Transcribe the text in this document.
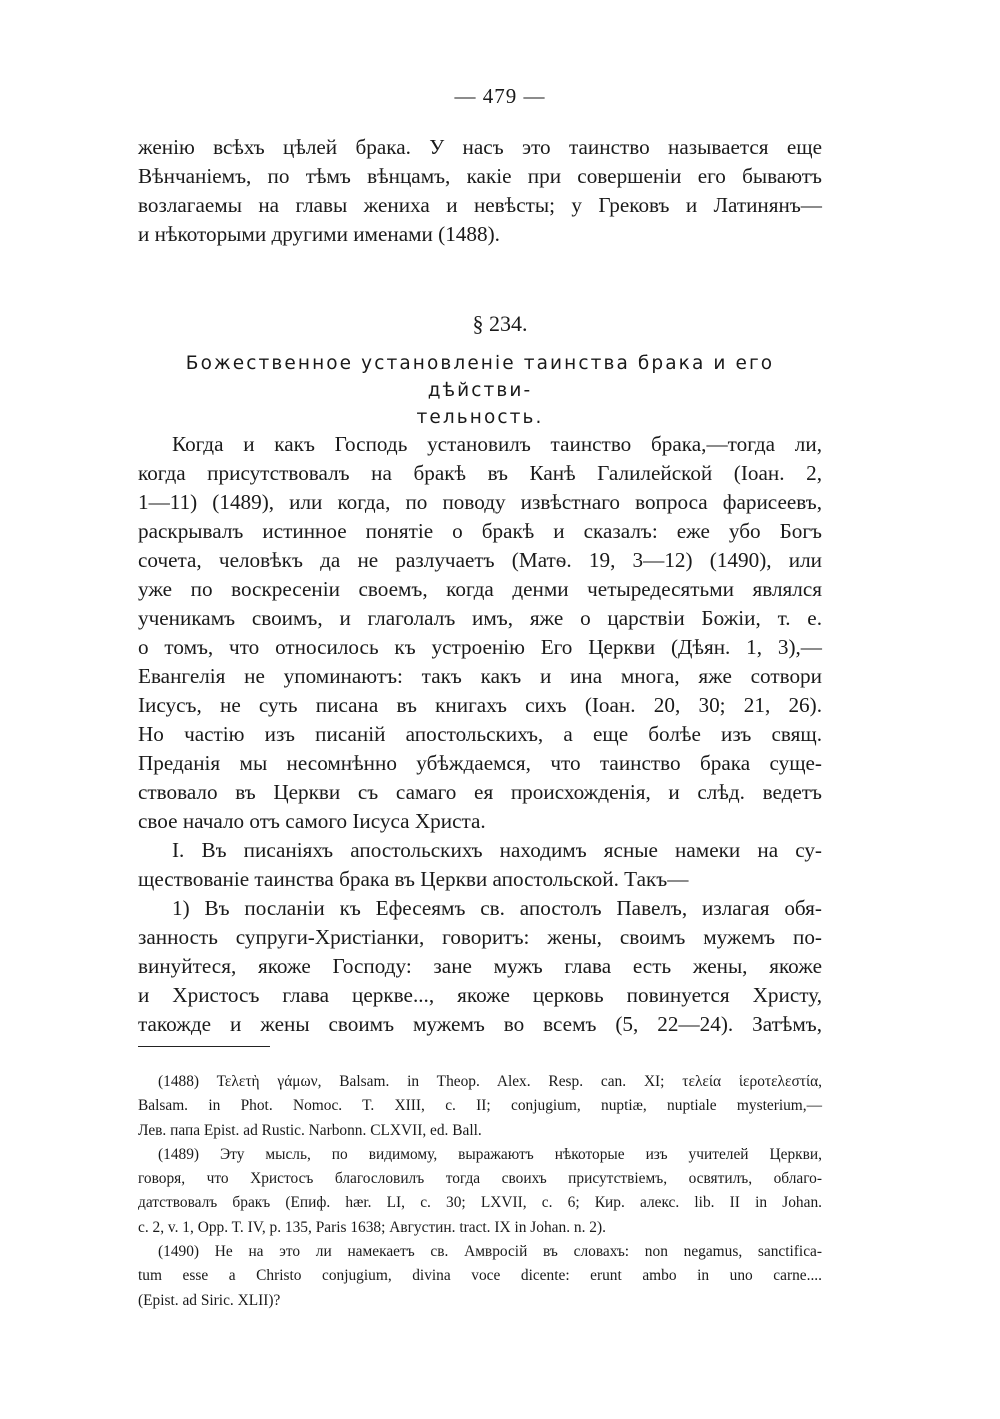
— 479 —
женію всѣхъ цѣлей брака. У насъ это таинство называется еще
Вѣнчаніемъ, по тѣмъ вѣнцамъ, какіе при совершеніи его бываютъ
возлагаемы на главы жениха и невѣсты; у Грековъ и Латинянъ—
и нѣкоторыми другими именами (1488).
§ 234.
Божественное установленіе таинства брака и его дѣйстви-
тельность.
Когда и какъ Господь установилъ таинство брака,—тогда ли,
когда присутствовалъ на бракѣ въ Канѣ Галилейской (Іоан. 2,
1—11) (1489), или когда, по поводу извѣстнаго вопроса фарисеевъ,
раскрывалъ истинное понятіе о бракѣ и сказалъ: еже убо Богъ
сочета, человѣкъ да не разлучаетъ (Матѳ. 19, 3—12) (1490), или
уже по воскресеніи своемъ, когда денми четыредесятьми являлся
ученикамъ своимъ, и глаголалъ имъ, яже о царствіи Божіи, т. е.
о томъ, что относилось къ устроенію Его Церкви (Дѣян. 1, 3),—
Евангелія не упоминаютъ: такъ какъ и ина многа, яже сотвори
Іисусъ, не суть писана въ книгахъ сихъ (Іоан. 20, 30; 21, 26).
Но частію изъ писаній апостольскихъ, а еще болѣе изъ свящ.
Преданія мы несомнѣнно убѣждаемся, что таинство брака суще-
ствовало въ Церкви съ самаго ея происхожденія, и слѣд. ведетъ
свое начало отъ самого Іисуса Христа.
I. Въ писаніяхъ апостольскихъ находимъ ясные намеки на су-
ществованіе таинства брака въ Церкви апостольской. Такъ—
1) Въ посланіи къ Ефесеямъ св. апостолъ Павелъ, излагая обя-
занность супруги-Христіанки, говоритъ: жены, своимъ мужемъ по-
винуйтеся, якоже Господу: зане мужъ глава есть жены, якоже
и Христосъ глава церкве..., якоже церковь повинуется Христу,
такожде и жены своимъ мужемъ во всемъ (5, 22—24). Затѣмъ,
(1488) Τελετὴ γάμων, Balsam. in Theop. Alex. Resp. can. XI; τελεία ἱεροτελεστία,
Balsam. in Phot. Nomoc. T. XIII, c. II; conjugium, nuptiæ, nuptiale mysterium,—
Лев. папа Epist. ad Rustic. Narbonn. CLXVII, ed. Ball.
(1489) Эту мысль, по видимому, выражаютъ нѣкоторые изъ учителей Церкви,
говоря, что Христосъ благословилъ тогда своихъ присутствіемъ, освятилъ, облаго-
датствовалъ бракъ (Епиф. hær. LI, c. 30; LXVII, c. 6; Кир. алекс. lib. II in Johan.
c. 2, v. 1, Opp. T. IV, p. 135, Paris 1638; Августин. tract. IX in Johan. n. 2).
(1490) Не на это ли намекаетъ св. Амвросій въ словахъ: non negamus, sanctifica-
tum esse a Christo conjugium, divina voce dicente: erunt ambo in uno carne....
(Epist. ad Siric. XLII)?
